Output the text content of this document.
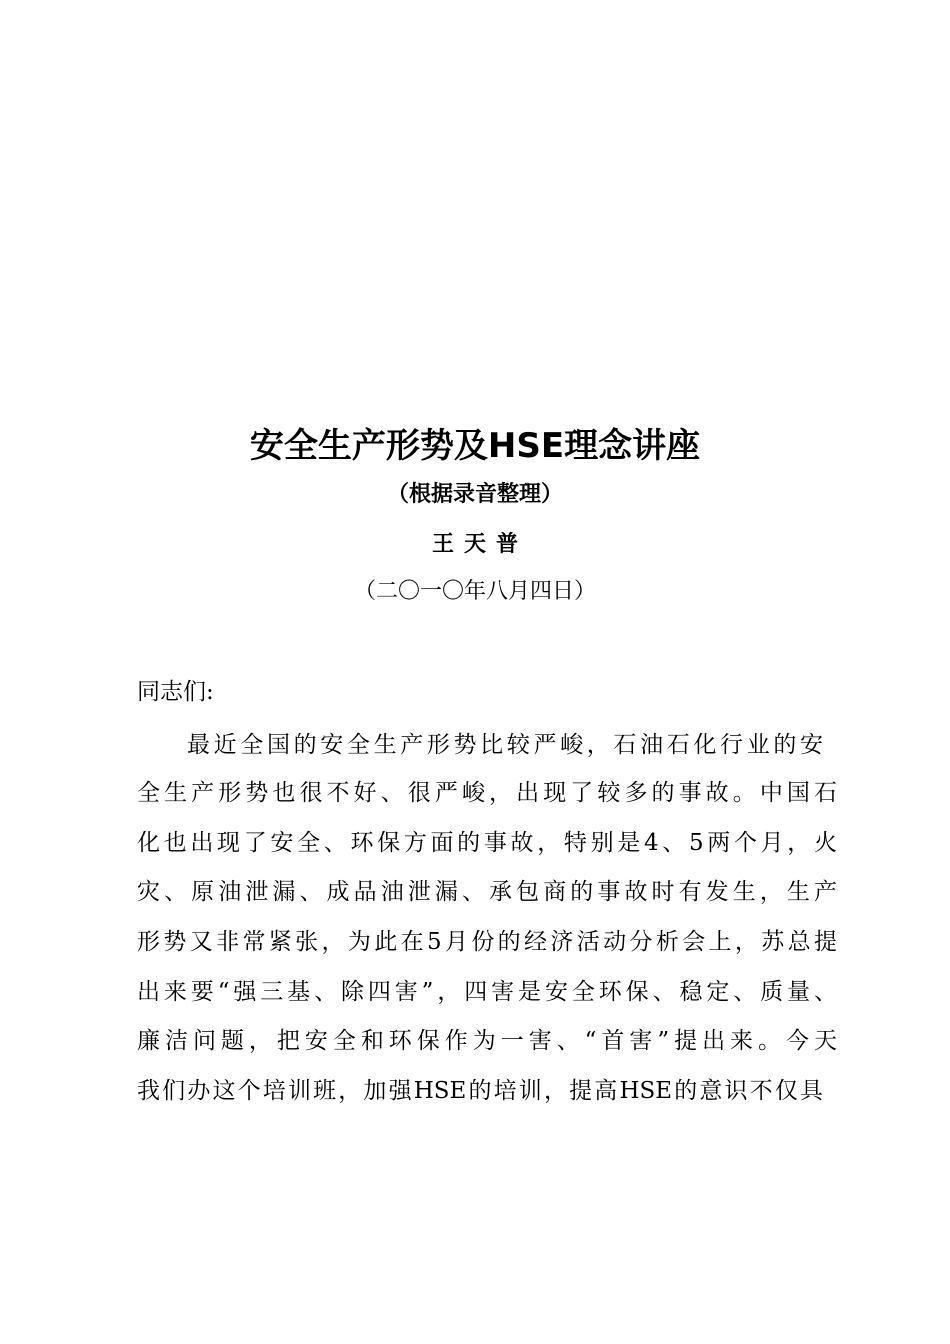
安全生产形势及HSE理念讲座
（根据录音整理）
王天普
（二〇一〇年八月四日）
同志们:
最近全国的安全生产形势比较严峻，石油石化行业的安
全生产形势也很不好、很严峻，出现了较多的事故。中国石
化也出现了安全、环保方面的事故，特别是4、5两个月，火
灾、原油泄漏、成品油泄漏、承包商的事故时有发生，生产
形势又非常紧张，为此在5月份的经济活动分析会上，苏总提
出来要“强三基、除四害”，四害是安全环保、稳定、质量、
廉洁问题，把安全和环保作为一害、“首害”提出来。今天
我们办这个培训班，加强HSE的培训，提高HSE的意识不仅具
